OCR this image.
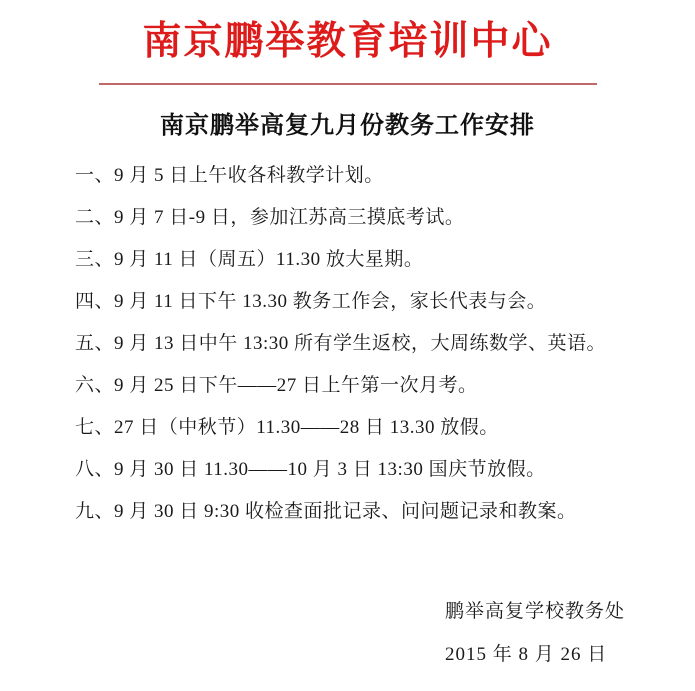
南京鹏举教育培训中心
南京鹏举高复九月份教务工作安排
一、9 月 5 日上午收各科教学计划。
二、9 月 7 日-9 日，参加江苏高三摸底考试。
三、9 月 11 日（周五）11.30 放大星期。
四、9 月 11 日下午 13.30 教务工作会，家长代表与会。
五、9 月 13 日中午 13:30 所有学生返校，大周练数学、英语。
六、9 月 25 日下午——27 日上午第一次月考。
七、27 日（中秋节）11.30——28 日 13.30 放假。
八、9 月 30 日 11.30——10 月 3 日 13:30 国庆节放假。
九、9 月 30 日 9:30 收检查面批记录、问问题记录和教案。
鹏举高复学校教务处
2015 年 8 月 26 日
